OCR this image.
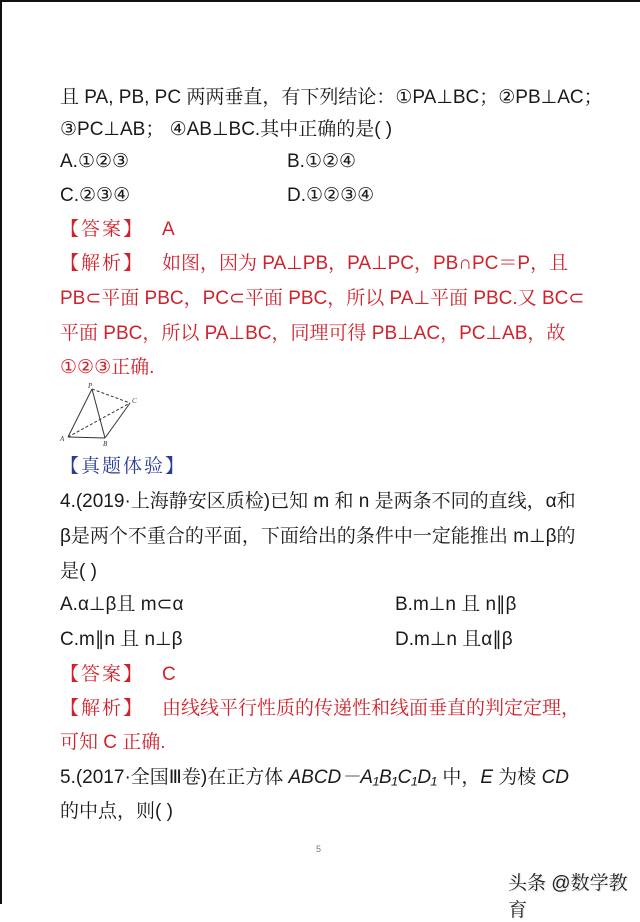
且 PA, PB, PC 两两垂直，有下列结论：①PA⊥BC；②PB⊥AC；
③PC⊥AB； ④AB⊥BC.其中正确的是( )
A.①②③	B.①②④
C.②③④	D.①②③④
【答案】 A
【解析】 如图，因为 PA⊥PB，PA⊥PC，PB∩PC＝P，且
PB⊂平面 PBC，PC⊂平面 PBC，所以 PA⊥平面 PBC.又 BC⊂
平面 PBC，所以 PA⊥BC，同理可得 PB⊥AC，PC⊥AB，故
①②③正确.
P
C
A
B
【真题体验】
4.(2019·上海静安区质检)已知 m 和 n 是两条不同的直线，α和
β是两个不重合的平面，下面给出的条件中一定能推出 m⊥β的
是( )
A.α⊥β且 m⊂α	B.m⊥n 且 n∥β
C.m∥n 且 n⊥β	D.m⊥n 且α∥β
【答案】 C
【解析】 由线线平行性质的传递性和线面垂直的判定定理，
可知 C 正确.
5.(2017·全国Ⅲ卷)在正方体 ABCD－A₁B₁C₁D₁ 中，E 为棱 CD
的中点，则( )
5
头条 @数学教育
